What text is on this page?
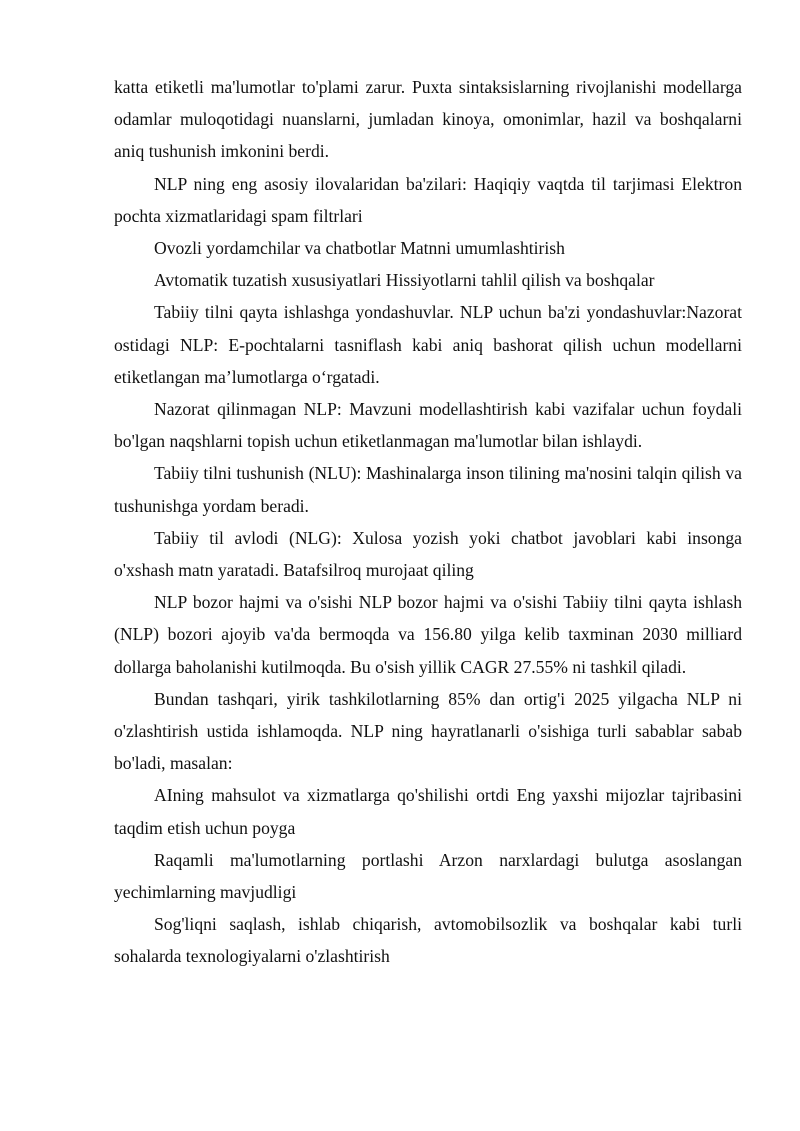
katta etiketli ma'lumotlar to'plami zarur. Puxta sintaksislarning rivojlanishi modellarga odamlar muloqotidagi nuanslarni, jumladan kinoya, omonimlar, hazil va boshqalarni aniq tushunish imkonini berdi.

NLP ning eng asosiy ilovalaridan ba'zilari: Haqiqiy vaqtda til tarjimasi Elektron pochta xizmatlaridagi spam filtrlari

Ovozli yordamchilar va chatbotlar Matnni umumlashtirish

Avtomatik tuzatish xususiyatlari Hissiyotlarni tahlil qilish va boshqalar

Tabiiy tilni qayta ishlashga yondashuvlar. NLP uchun ba'zi yondashuvlar:Nazorat ostidagi NLP: E-pochtalarni tasniflash kabi aniq bashorat qilish uchun modellarni etiketlangan ma’lumotlarga o‘rgatadi.

Nazorat qilinmagan NLP: Mavzuni modellashtirish kabi vazifalar uchun foydali bo'lgan naqshlarni topish uchun etiketlanmagan ma'lumotlar bilan ishlaydi.

Tabiiy tilni tushunish (NLU): Mashinalarga inson tilining ma'nosini talqin qilish va tushunishga yordam beradi.

Tabiiy til avlodi (NLG): Xulosa yozish yoki chatbot javoblari kabi insonga o'xshash matn yaratadi. Batafsilroq murojaat qiling

NLP bozor hajmi va o'sishi NLP bozor hajmi va o'sishi Tabiiy tilni qayta ishlash (NLP) bozori ajoyib va'da bermoqda va 156.80 yilga kelib taxminan 2030 milliard dollarga baholanishi kutilmoqda. Bu o'sish yillik CAGR 27.55% ni tashkil qiladi.

Bundan tashqari, yirik tashkilotlarning 85% dan ortig'i 2025 yilgacha NLP ni o'zlashtirish ustida ishlamoqda. NLP ning hayratlanarli o'sishiga turli sabablar sabab bo'ladi, masalan:

AIning mahsulot va xizmatlarga qo'shilishi ortdi Eng yaxshi mijozlar tajribasini taqdim etish uchun poyga

Raqamli ma'lumotlarning portlashi Arzon narxlardagi bulutga asoslangan yechimlarning mavjudligi

Sog'liqni saqlash, ishlab chiqarish, avtomobilsozlik va boshqalar kabi turli sohalarda texnologiyalarni o'zlashtirish
